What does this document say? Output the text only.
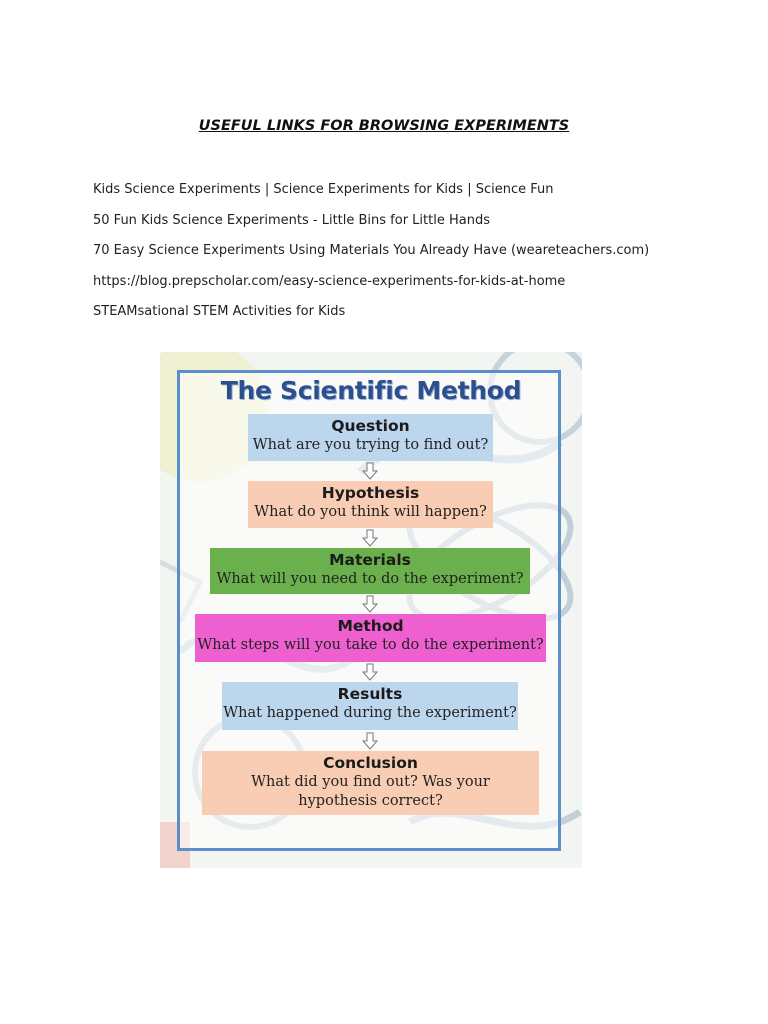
USEFUL LINKS FOR BROWSING EXPERIMENTS
Kids Science Experiments | Science Experiments for Kids | Science Fun
50 Fun Kids Science Experiments - Little Bins for Little Hands
70 Easy Science Experiments Using Materials You Already Have (weareteachers.com)
https://blog.prepscholar.com/easy-science-experiments-for-kids-at-home
STEAMsational STEM Activities for Kids
The Scientific Method
Question
What are you trying to find out?
Hypothesis
What do you think will happen?
Materials
What will you need to do the experiment?
Method
What steps will you take to do the experiment?
Results
What happened during the experiment?
Conclusion
What did you find out? Was your hypothesis correct?
